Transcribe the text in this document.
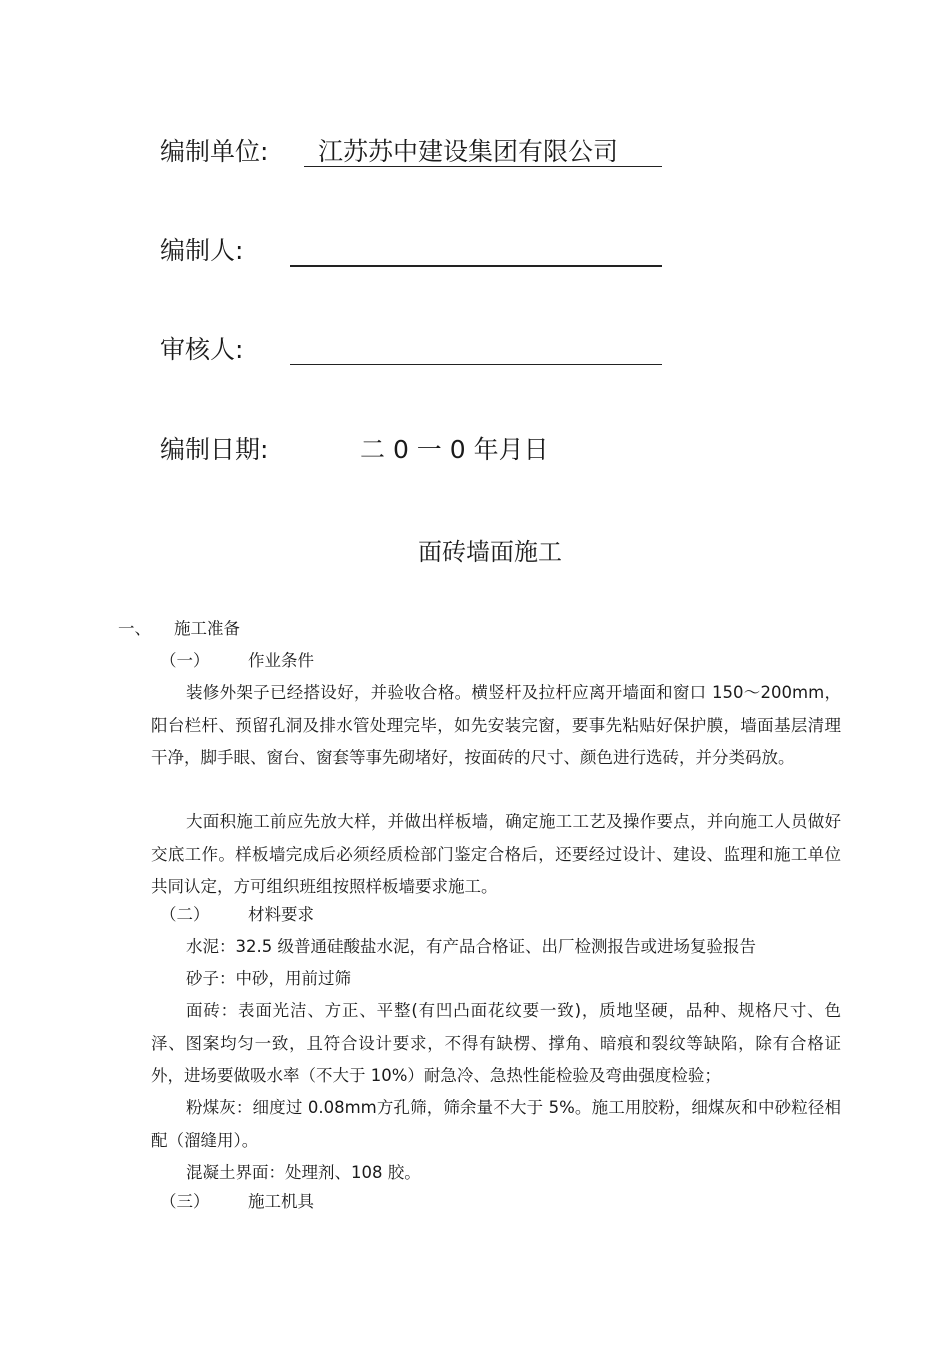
编制单位: 江苏苏中建设集团有限公司
编制人:
审核人:
编制日期:	二 0 一 0 年月日
面砖墙面施工
一、 施工准备
（一） 作业条件

装修外架子已经搭设好，并验收合格。横竖杆及拉杆应离开墙面和窗口 150～200mm，阳台栏杆、预留孔洞及排水管处理完毕，如先安装完窗，要事先粘贴好保护膜，墙面基层清理干净，脚手眼、窗台、窗套等事先砌堵好，按面砖的尺寸、颜色进行选砖，并分类码放。

大面积施工前应先放大样，并做出样板墙，确定施工工艺及操作要点，并向施工人员做好交底工作。样板墙完成后必须经质检部门鉴定合格后，还要经过设计、建设、监理和施工单位共同认定，方可组织班组按照样板墙要求施工。

（二） 材料要求

水泥：32.5 级普通硅酸盐水泥，有产品合格证、出厂检测报告或进场复验报告

砂子：中砂，用前过筛

面砖：表面光洁、方正、平整(有凹凸面花纹要一致)，质地坚硬，品种、规格尺寸、色泽、图案均匀一致，且符合设计要求，不得有缺楞、撑角、暗痕和裂纹等缺陷，除有合格证外，进场要做吸水率（不大于 10%）耐急冷、急热性能检验及弯曲强度检验；

粉煤灰：细度过 0.08mm方孔筛，筛余量不大于 5%。施工用胶粉，细煤灰和中砂粒径相配（溜缝用）。

混凝土界面：处理剂、108 胶。

（三） 施工机具
